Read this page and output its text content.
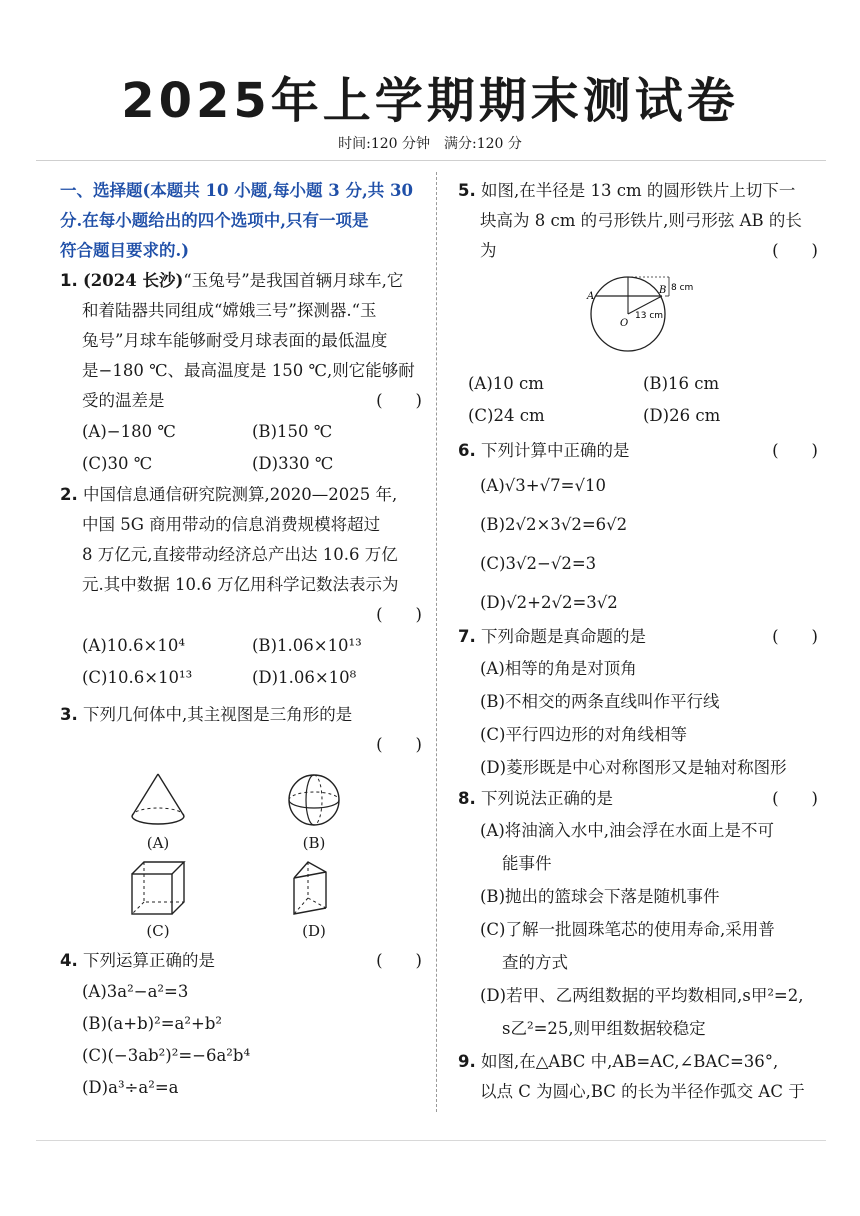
2025年上学期期末测试卷
时间:120 分钟　满分:120 分
一、选择题(本题共 10 小题,每小题 3 分,共 30
分.在每小题给出的四个选项中,只有一项是
符合题目要求的.)
1. (2024 长沙)“玉兔号”是我国首辆月球车,它
和着陆器共同组成“嫦娥三号”探测器.“玉
兔号”月球车能够耐受月球表面的最低温度
是−180 ℃、最高温度是 150 ℃,则它能够耐
受的温差是	(　　)
(A)−180 ℃	(B)150 ℃
(C)30 ℃	(D)330 ℃
2. 中国信息通信研究院测算,2020—2025 年,
中国 5G 商用带动的信息消费规模将超过
8 万亿元,直接带动经济总产出达 10.6 万亿
元.其中数据 10.6 万亿用科学记数法表示为
(　　)

(A)10.6×10⁴	(B)1.06×10¹³
(C)10.6×10¹³	(D)1.06×10⁸
3. 下列几何体中,其主视图是三角形的是
(　　)

(A)	(B)
(C)	(D)
4. 下列运算正确的是	(　　)
(A)3a²−a²=3
(B)(a+b)²=a²+b²
(C)(−3ab²)²=−6a²b⁴
(D)a³÷a²=a
5. 如图,在半径是 13 cm 的圆形铁片上切下一
块高为 8 cm 的弓形铁片,则弓形弦 AB 的长
为	(　　)
A
B
O
8 cm
13 cm
(A)10 cm	(B)16 cm
(C)24 cm	(D)26 cm
6. 下列计算中正确的是	(　　)
(A)√3+√7=√10
(B)2√2×3√2=6√2
(C)3√2−√2=3
(D)√2+2√2=3√2
7. 下列命题是真命题的是	(　　)
(A)相等的角是对顶角
(B)不相交的两条直线叫作平行线
(C)平行四边形的对角线相等
(D)菱形既是中心对称图形又是轴对称图形
8. 下列说法正确的是	(　　)
(A)将油滴入水中,油会浮在水面上是不可
能事件
(B)抛出的篮球会下落是随机事件
(C)了解一批圆珠笔芯的使用寿命,采用普
查的方式
(D)若甲、乙两组数据的平均数相同,s甲²=2,
s乙²=25,则甲组数据较稳定
9. 如图,在△ABC 中,AB=AC,∠BAC=36°,
以点 C 为圆心,BC 的长为半径作弧交 AC 于
